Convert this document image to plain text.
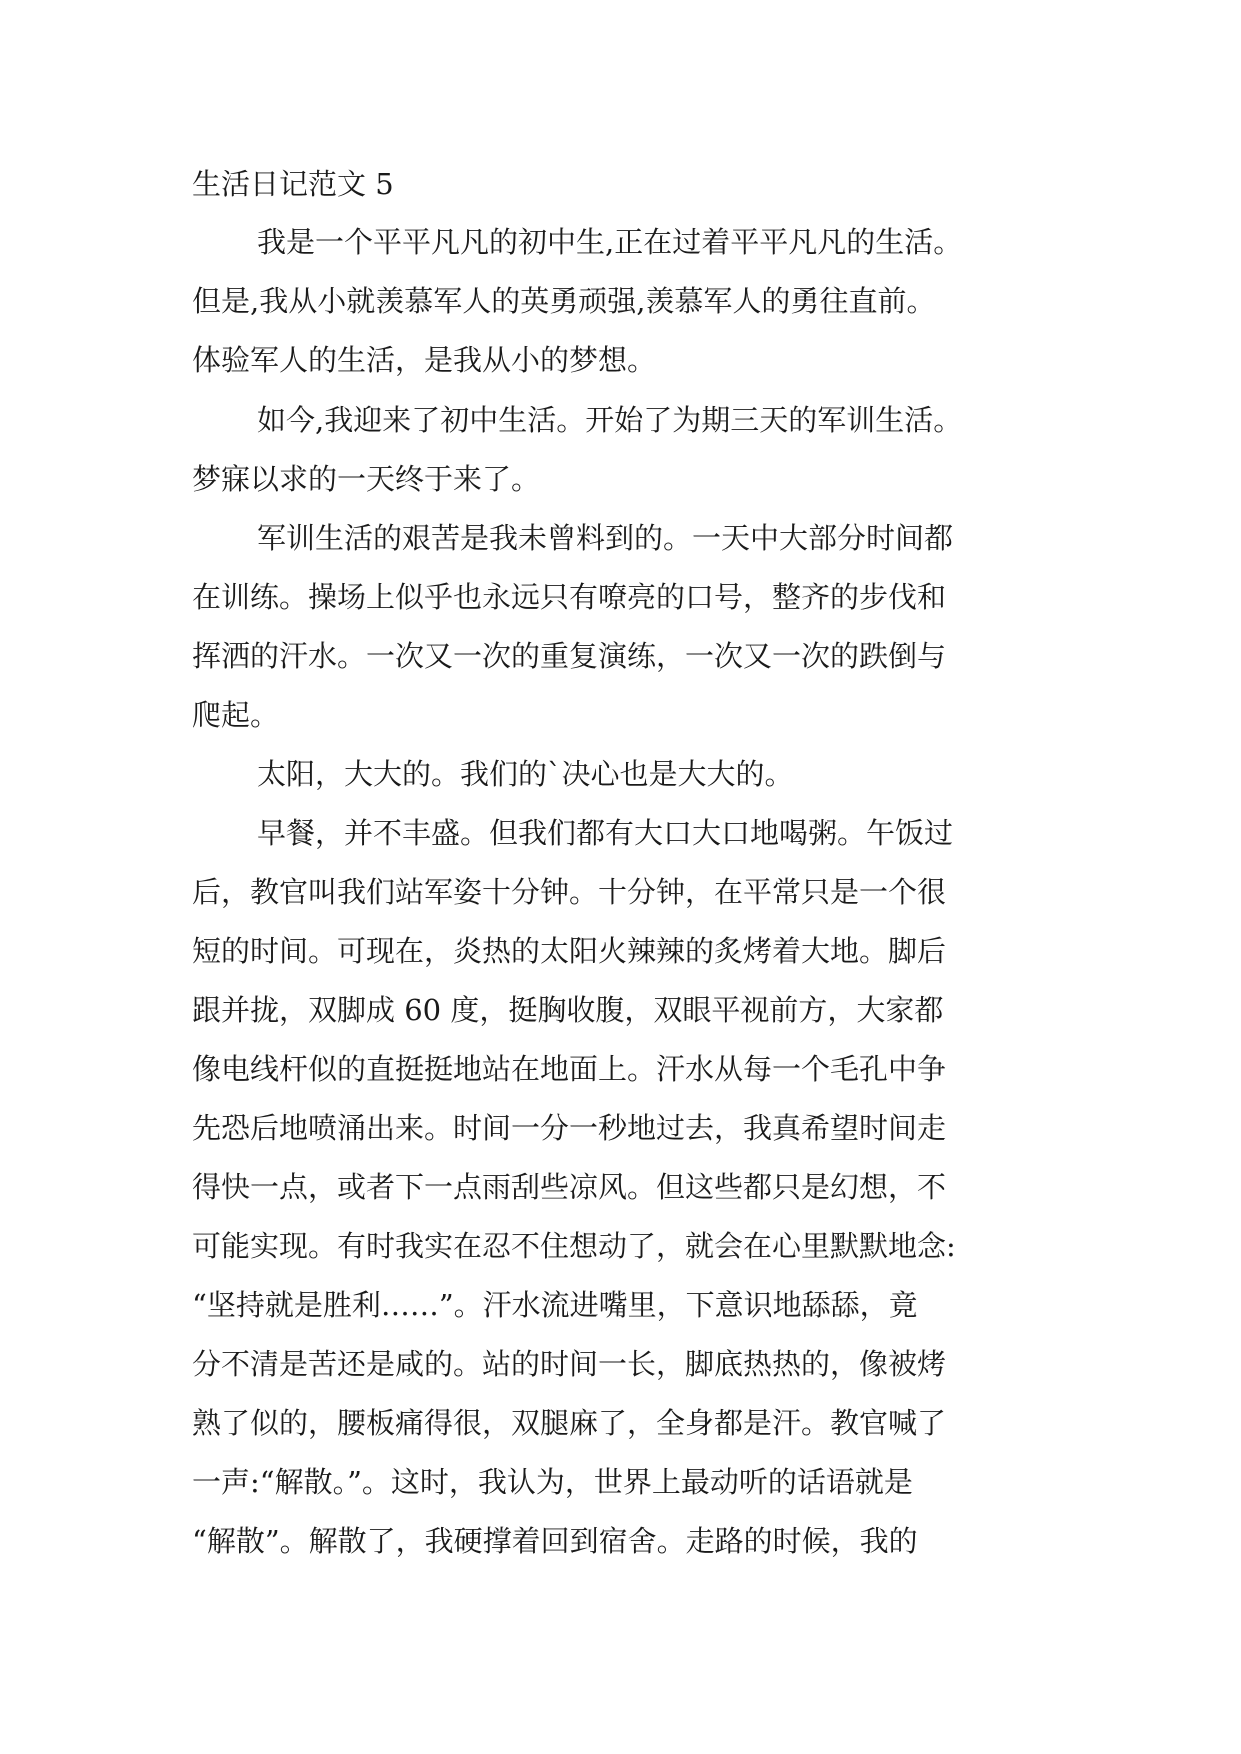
生活日记范文 5
我是一个平平凡凡的初中生,正在过着平平凡凡的生活。
但是,我从小就羡慕军人的英勇顽强,羡慕军人的勇往直前。
体验军人的生活，是我从小的梦想。
如今,我迎来了初中生活。开始了为期三天的军训生活。
梦寐以求的一天终于来了。
军训生活的艰苦是我未曾料到的。一天中大部分时间都
在训练。操场上似乎也永远只有嘹亮的口号，整齐的步伐和
挥洒的汗水。一次又一次的重复演练，一次又一次的跌倒与
爬起。
太阳，大大的。我们的`决心也是大大的。
早餐，并不丰盛。但我们都有大口大口地喝粥。午饭过
后，教官叫我们站军姿十分钟。十分钟，在平常只是一个很
短的时间。可现在，炎热的太阳火辣辣的炙烤着大地。脚后
跟并拢，双脚成 60 度，挺胸收腹，双眼平视前方，大家都
像电线杆似的直挺挺地站在地面上。汗水从每一个毛孔中争
先恐后地喷涌出来。时间一分一秒地过去，我真希望时间走
得快一点，或者下一点雨刮些凉风。但这些都只是幻想，不
可能实现。有时我实在忍不住想动了，就会在心里默默地念:
“坚持就是胜利……”。汗水流进嘴里，下意识地舔舔，竟
分不清是苦还是咸的。站的时间一长，脚底热热的，像被烤
熟了似的，腰板痛得很，双腿麻了，全身都是汗。教官喊了
一声:“解散。”。这时，我认为，世界上最动听的话语就是
“解散”。解散了，我硬撑着回到宿舍。走路的时候，我的
